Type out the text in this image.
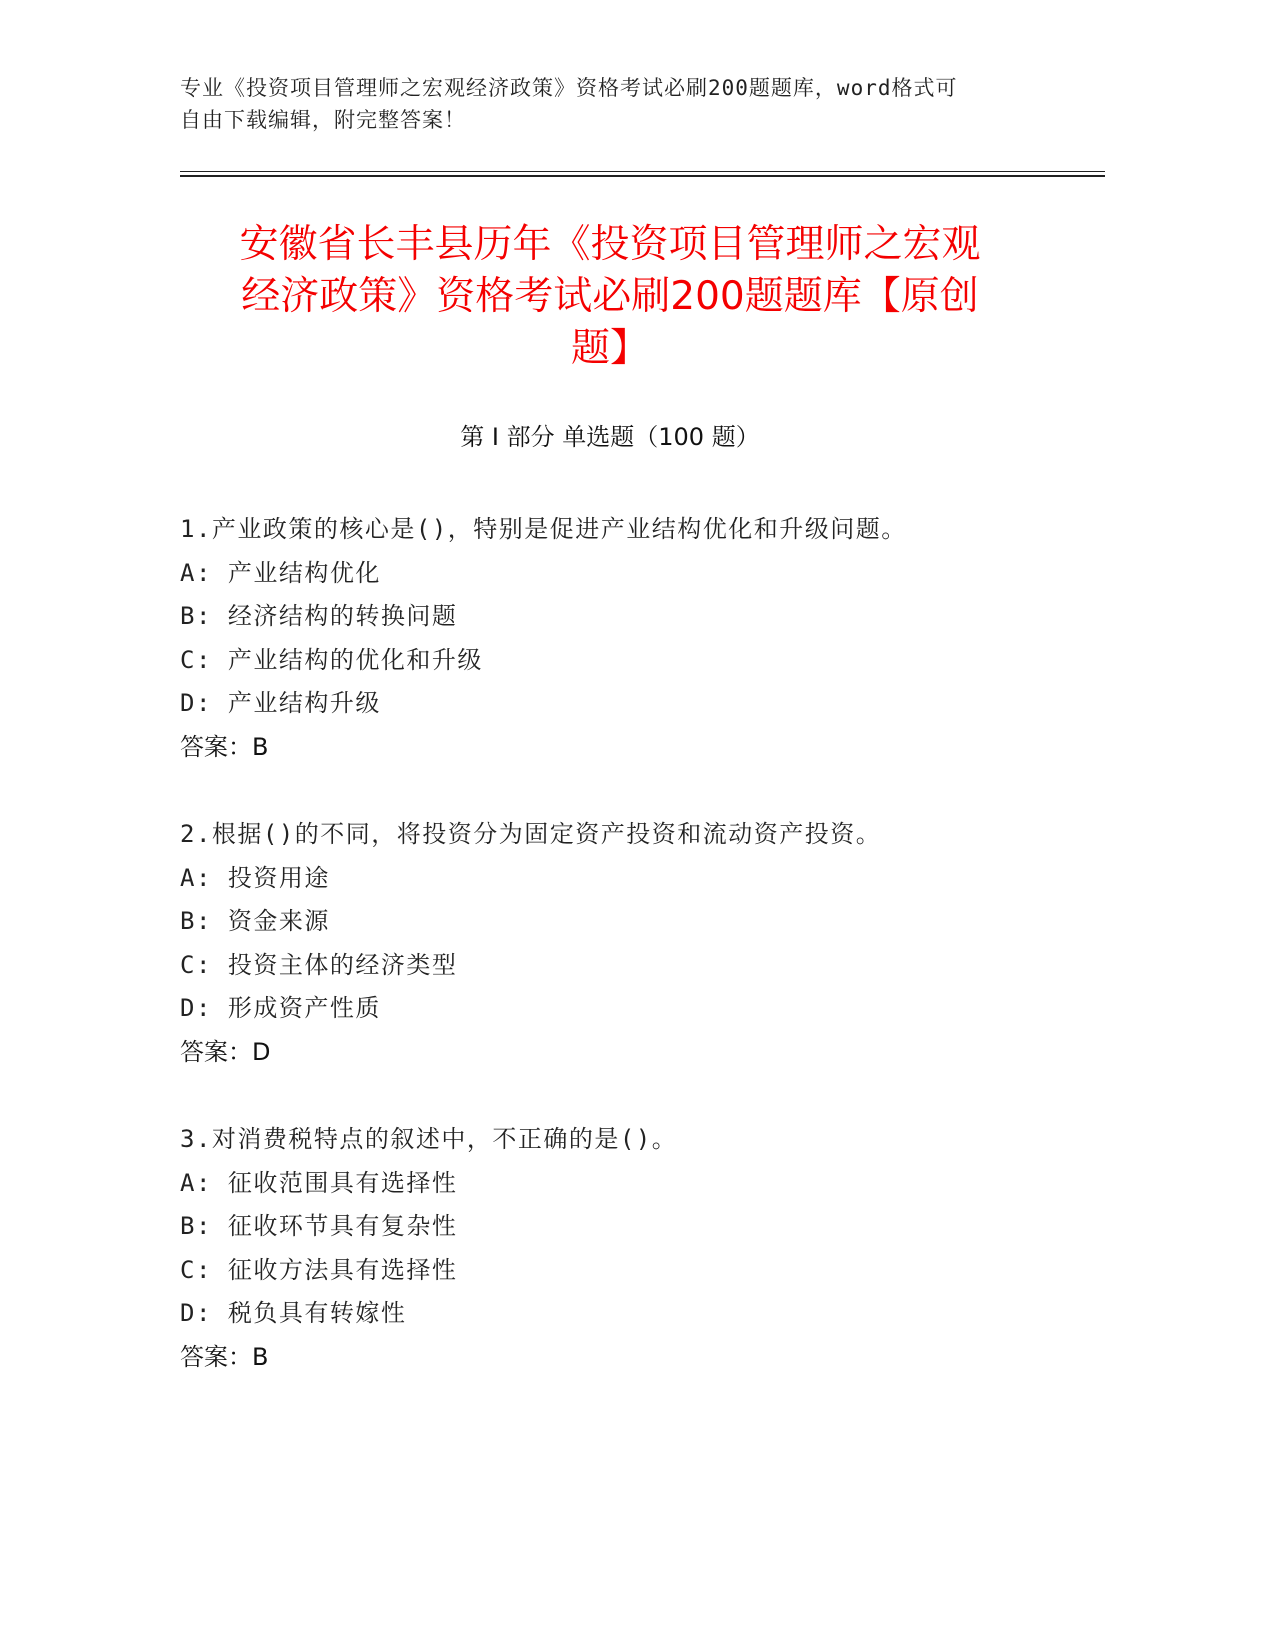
专业《投资项目管理师之宏观经济政策》资格考试必刷200题题库，word格式可
自由下载编辑，附完整答案！
安徽省长丰县历年《投资项目管理师之宏观
经济政策》资格考试必刷200题题库【原创
题】
第 I 部分 单选题（100 题）
1.产业政策的核心是()，特别是促进产业结构优化和升级问题。
A: 产业结构优化
B: 经济结构的转换问题
C: 产业结构的优化和升级
D: 产业结构升级
答案：B
2.根据()的不同，将投资分为固定资产投资和流动资产投资。
A: 投资用途
B: 资金来源
C: 投资主体的经济类型
D: 形成资产性质
答案：D
3.对消费税特点的叙述中，不正确的是()。
A: 征收范围具有选择性
B: 征收环节具有复杂性
C: 征收方法具有选择性
D: 税负具有转嫁性
答案：B
